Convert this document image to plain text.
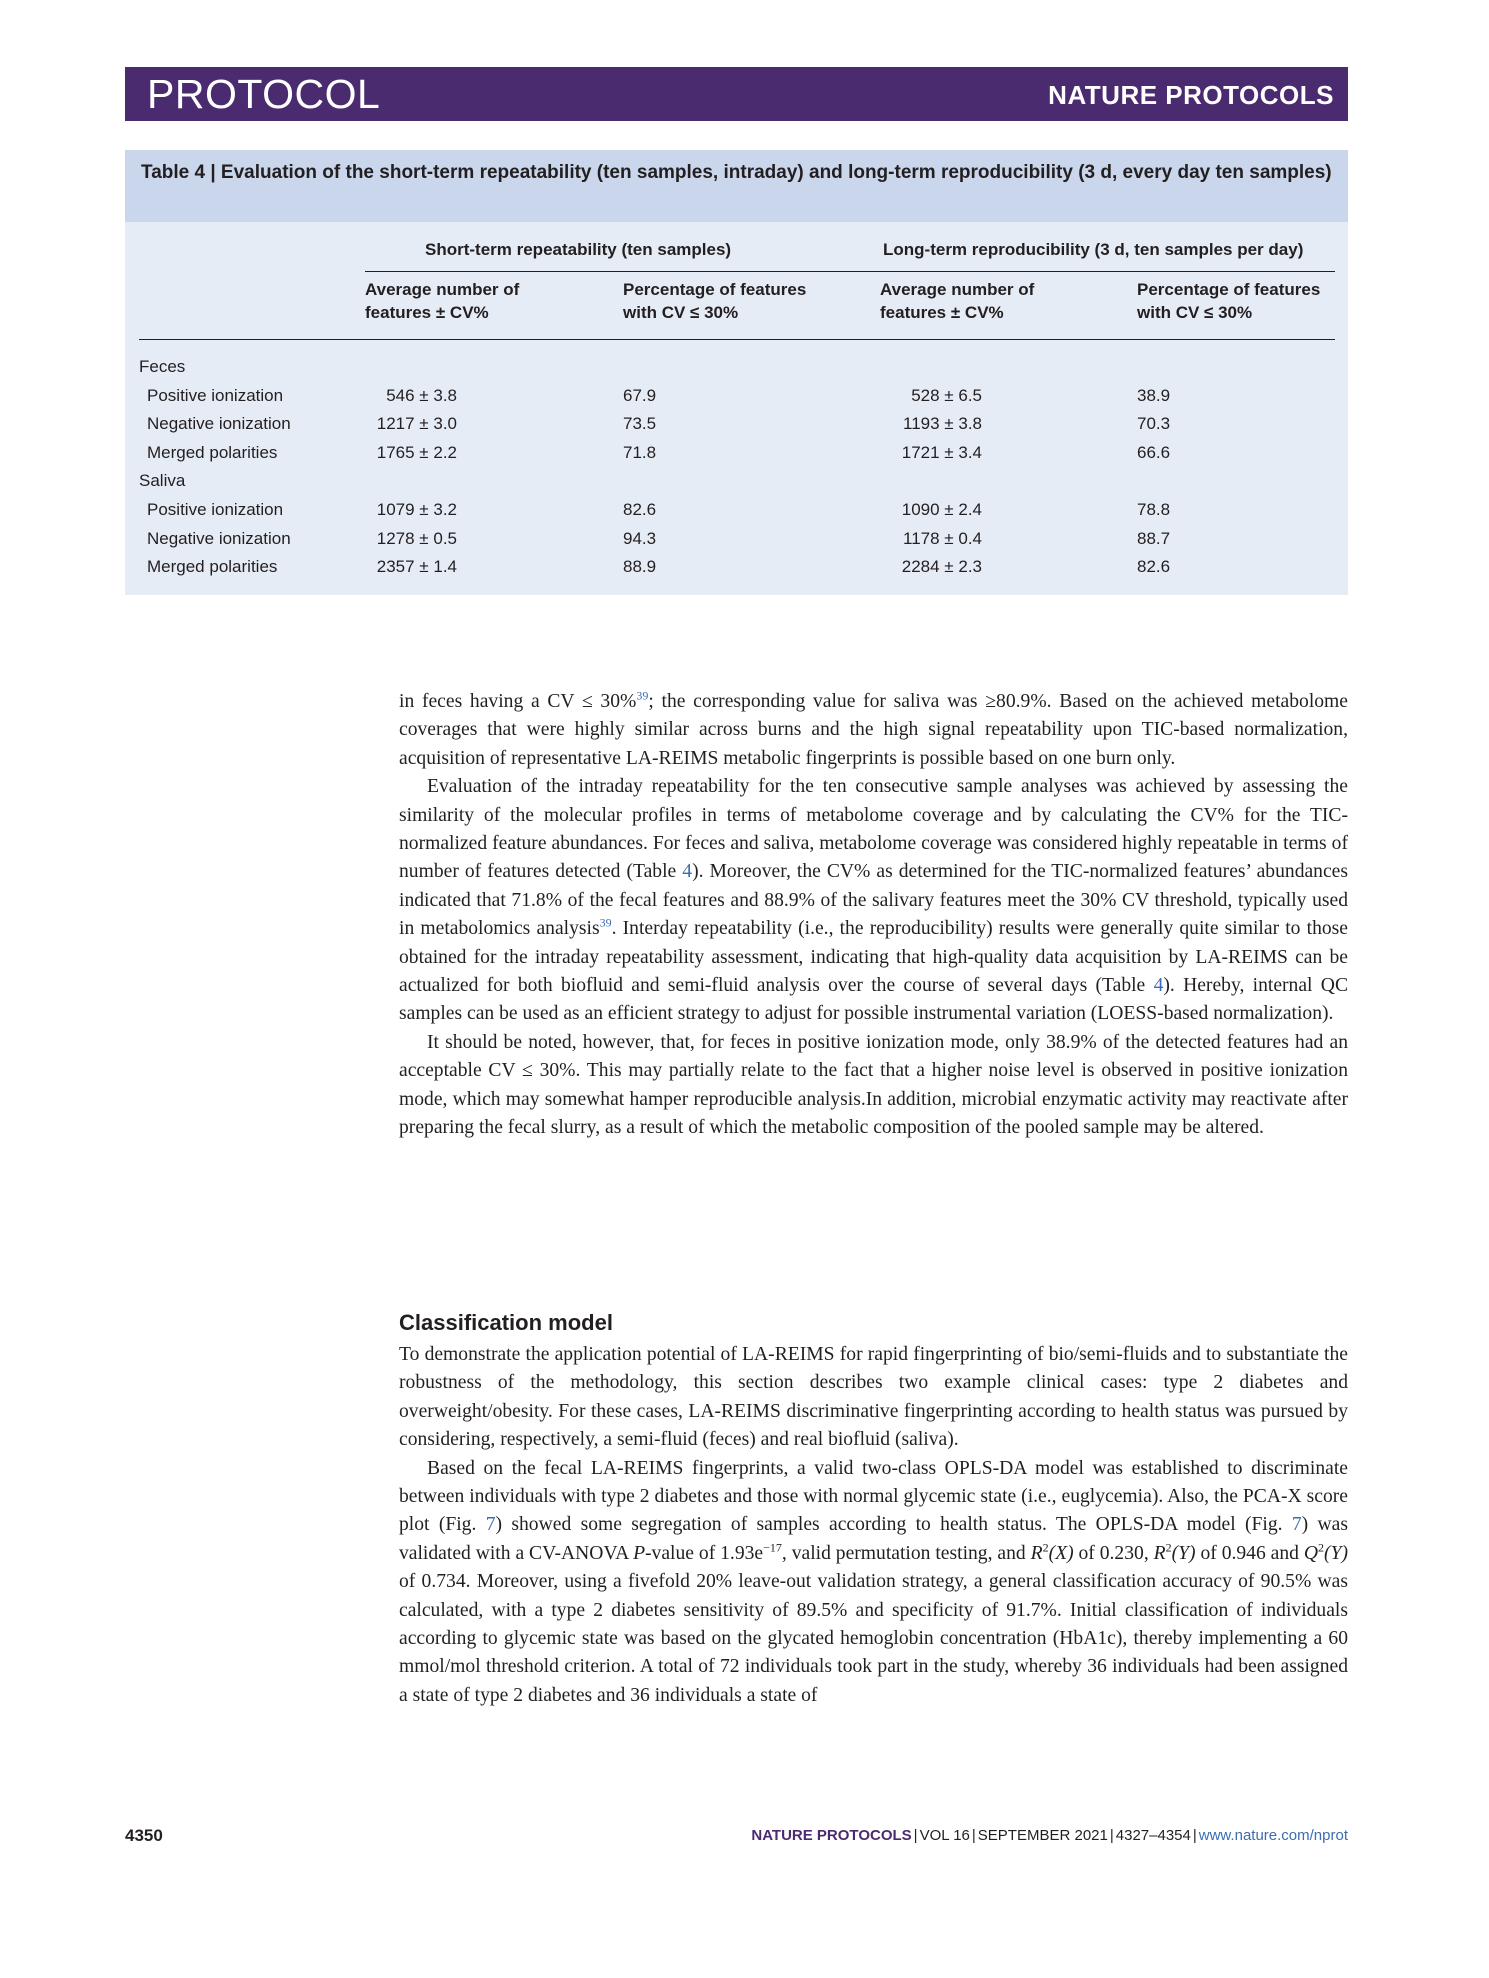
PROTOCOL	NATURE PROTOCOLS
Table 4 | Evaluation of the short-term repeatability (ten samples, intraday) and long-term reproducibility (3 d, every day ten samples)
Short-term repeatability (ten samples)	Long-term reproducibility (3 d, ten samples per day)
Average number of
features ± CV%
Percentage of features
with CV ≤ 30%
Average number of
features ± CV%
Percentage of features
with CV ≤ 30%
Feces
Positive ionization	546 ± 3.8	67.9	528 ± 6.5	38.9
Negative ionization	1217 ± 3.0	73.5	1193 ± 3.8	70.3
Merged polarities	1765 ± 2.2	71.8	1721 ± 3.4	66.6
Saliva
Positive ionization	1079 ± 3.2	82.6	1090 ± 2.4	78.8
Negative ionization	1278 ± 0.5	94.3	1178 ± 0.4	88.7
Merged polarities	2357 ± 1.4	88.9	2284 ± 2.3	82.6

in feces having a CV ≤ 30%$^{39}$; the corresponding value for saliva was ≥80.9%. Based on the achieved metabolome coverages that were highly similar across burns and the high signal repeatability upon TIC-based normalization, acquisition of representative LA-REIMS metabolic fingerprints is possible based on one burn only.

Evaluation of the intraday repeatability for the ten consecutive sample analyses was achieved by assessing the similarity of the molecular profiles in terms of metabolome coverage and by calculating the CV% for the TIC-normalized feature abundances. For feces and saliva, metabolome coverage was considered highly repeatable in terms of number of features detected (Table 4). Moreover, the CV% as determined for the TIC-normalized features’ abundances indicated that 71.8% of the fecal features and 88.9% of the salivary features meet the 30% CV threshold, typically used in metabolomics analysis$^{39}$. Interday repeatability (i.e., the reproducibility) results were generally quite similar to those obtained for the intraday repeatability assessment, indicating that high-quality data acquisition by LA-REIMS can be actualized for both biofluid and semi-fluid analysis over the course of several days (Table 4). Hereby, internal QC samples can be used as an efficient strategy to adjust for possible instrumental variation (LOESS-based normalization).

It should be noted, however, that, for feces in positive ionization mode, only 38.9% of the detected features had an acceptable CV ≤ 30%. This may partially relate to the fact that a higher noise level is observed in positive ionization mode, which may somewhat hamper reproducible analysis.In addition, microbial enzymatic activity may reactivate after preparing the fecal slurry, as a result of which the metabolic composition of the pooled sample may be altered.

Classification model

To demonstrate the application potential of LA-REIMS for rapid fingerprinting of bio/semi-fluids and to substantiate the robustness of the methodology, this section describes two example clinical cases: type 2 diabetes and overweight/obesity. For these cases, LA-REIMS discriminative fingerprinting according to health status was pursued by considering, respectively, a semi-fluid (feces) and real biofluid (saliva).

Based on the fecal LA-REIMS fingerprints, a valid two-class OPLS-DA model was established to discriminate between individuals with type 2 diabetes and those with normal glycemic state (i.e., euglycemia). Also, the PCA-X score plot (Fig. 7) showed some segregation of samples according to health status. The OPLS-DA model (Fig. 7) was validated with a CV-ANOVA P-value of $1.93e^{-17}$, valid permutation testing, and $R^2(X)$ of 0.230, $R^2(Y)$ of 0.946 and $Q^2(Y)$ of 0.734. Moreover, using a fivefold 20% leave-out validation strategy, a general classification accuracy of 90.5% was calculated, with a type 2 diabetes sensitivity of 89.5% and specificity of 91.7%. Initial classification of individuals according to glycemic state was based on the glycated hemoglobin concentration (HbA1c), thereby implementing a 60 mmol/mol threshold criterion. A total of 72 individuals took part in the study, whereby 36 individuals had been assigned a state of type 2 diabetes and 36 individuals a state of

4350	NATURE PROTOCOLS | VOL 16 | SEPTEMBER 2021 | 4327–4354 | www.nature.com/nprot
